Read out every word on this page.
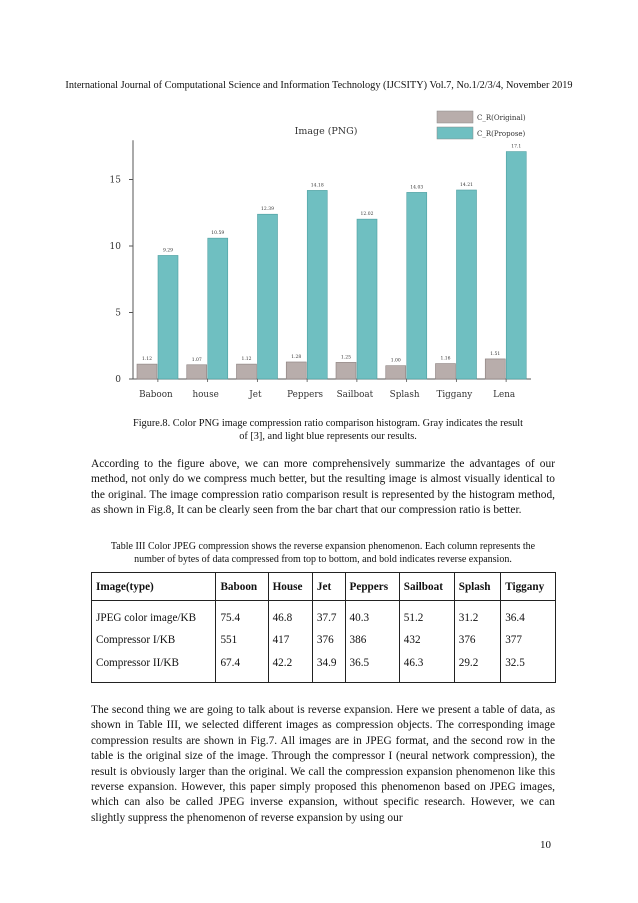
International Journal of Computational Science and Information Technology (IJCSITY) Vol.7, No.1/2/3/4, November 2019
0
5
10
15
Image (PNG)
C_R(Original)
C_R(Propose)
1.12
9.29
Baboon
1.07
10.59
house
1.12
12.39
Jet
1.28
14.18
Peppers
1.25
12.02
Sailboat
1.00
14.03
Splash
1.16
14.21
Tiggany
1.51
17.1
Lena
Figure.8. Color PNG image compression ratio comparison histogram. Gray indicates the result of [3], and light blue represents our results.

According to the figure above, we can more comprehensively summarize the advantages of our method, not only do we compress much better, but the resulting image is almost visually identical to the original. The image compression ratio comparison result is represented by the histogram method, as shown in Fig.8, It can be clearly seen from the bar chart that our compression ratio is better.

Table III Color JPEG compression shows the reverse expansion phenomenon. Each column represents the number of bytes of data compressed from top to bottom, and bold indicates reverse expansion.
Image(type)	Baboon	House	Jet	Peppers	Sailboat	Splash	Tiggany
JPEG color image/KB	75.4	46.8	37.7	40.3	51.2	31.2	36.4
Compressor I/KB	551	417	376	386	432	376	377
Compressor II/KB	67.4	42.2	34.9	36.5	46.3	29.2	32.5

The second thing we are going to talk about is reverse expansion. Here we present a table of data, as shown in Table III, we selected different images as compression objects. The corresponding image compression results are shown in Fig.7. All images are in JPEG format, and the second row in the table is the original size of the image. Through the compressor I (neural network compression), the result is obviously larger than the original. We call the compression expansion phenomenon like this reverse expansion. However, this paper simply proposed this phenomenon based on JPEG images, which can also be called JPEG inverse expansion, without specific research. However, we can slightly suppress the phenomenon of reverse expansion by using our

10
